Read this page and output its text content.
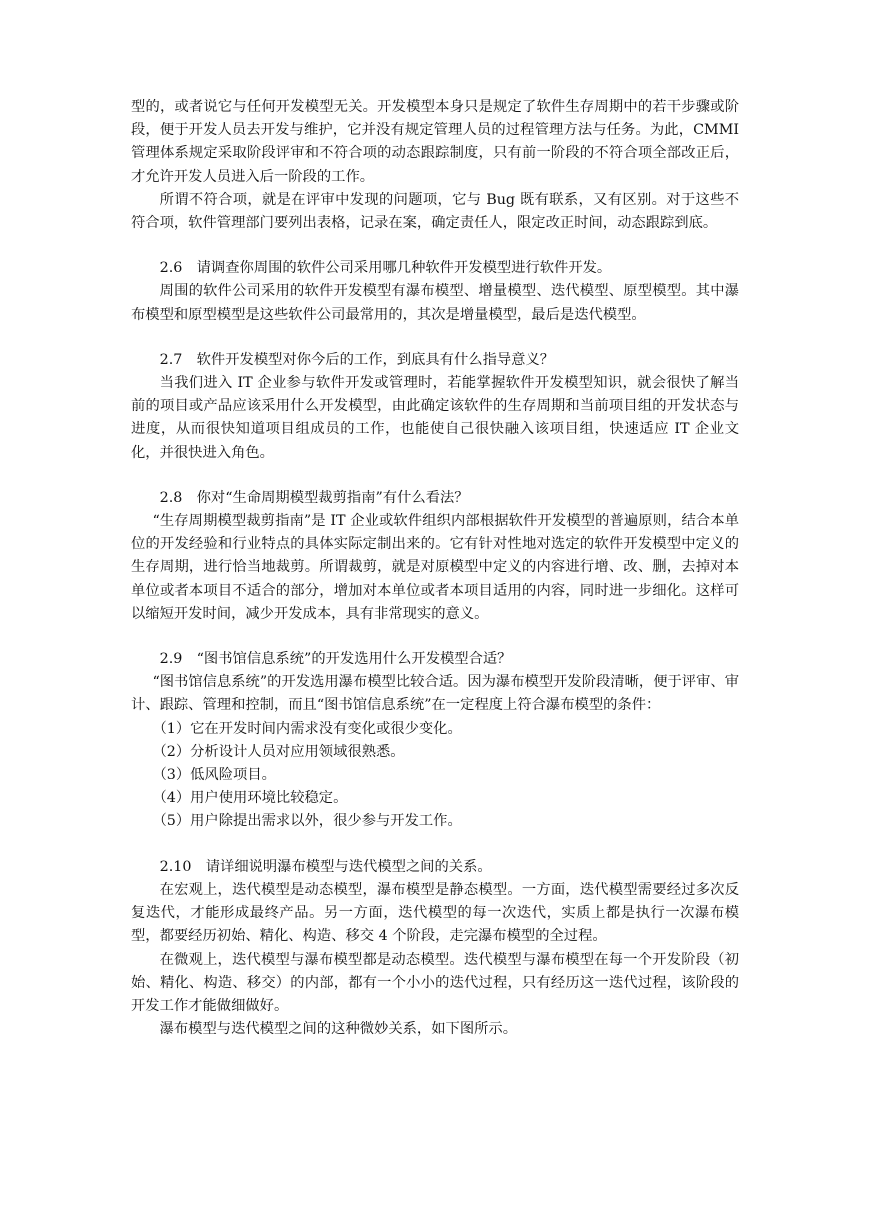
型的，或者说它与任何开发模型无关。开发模型本身只是规定了软件生存周期中的若干步骤或阶段，便于开发人员去开发与维护，它并没有规定管理人员的过程管理方法与任务。为此，CMMI 管理体系规定采取阶段评审和不符合项的动态跟踪制度，只有前一阶段的不符合项全部改正后，才允许开发人员进入后一阶段的工作。

所谓不符合项，就是在评审中发现的问题项，它与 Bug 既有联系，又有区别。对于这些不符合项，软件管理部门要列出表格，记录在案，确定责任人，限定改正时间，动态跟踪到底。

2.6　请调查你周围的软件公司采用哪几种软件开发模型进行软件开发。

周围的软件公司采用的软件开发模型有瀑布模型、增量模型、迭代模型、原型模型。其中瀑布模型和原型模型是这些软件公司最常用的，其次是增量模型，最后是迭代模型。

2.7　软件开发模型对你今后的工作，到底具有什么指导意义？

当我们进入 IT 企业参与软件开发或管理时，若能掌握软件开发模型知识，就会很快了解当前的项目或产品应该采用什么开发模型，由此确定该软件的生存周期和当前项目组的开发状态与进度，从而很快知道项目组成员的工作，也能使自己很快融入该项目组，快速适应 IT 企业文化，并很快进入角色。

2.8　你对“生命周期模型裁剪指南”有什么看法？

“生存周期模型裁剪指南”是 IT 企业或软件组织内部根据软件开发模型的普遍原则，结合本单位的开发经验和行业特点的具体实际定制出来的。它有针对性地对选定的软件开发模型中定义的生存周期，进行恰当地裁剪。所谓裁剪，就是对原模型中定义的内容进行增、改、删，去掉对本单位或者本项目不适合的部分，增加对本单位或者本项目适用的内容，同时进一步细化。这样可以缩短开发时间，减少开发成本，具有非常现实的意义。

2.9　“图书馆信息系统”的开发选用什么开发模型合适？

“图书馆信息系统”的开发选用瀑布模型比较合适。因为瀑布模型开发阶段清晰，便于评审、审计、跟踪、管理和控制，而且“图书馆信息系统”在一定程度上符合瀑布模型的条件：

（1）它在开发时间内需求没有变化或很少变化。

（2）分析设计人员对应用领域很熟悉。

（3）低风险项目。

（4）用户使用环境比较稳定。

（5）用户除提出需求以外，很少参与开发工作。

2.10　请详细说明瀑布模型与迭代模型之间的关系。

在宏观上，迭代模型是动态模型，瀑布模型是静态模型。一方面，迭代模型需要经过多次反复迭代，才能形成最终产品。另一方面，迭代模型的每一次迭代，实质上都是执行一次瀑布模型，都要经历初始、精化、构造、移交 4 个阶段，走完瀑布模型的全过程。

在微观上，迭代模型与瀑布模型都是动态模型。迭代模型与瀑布模型在每一个开发阶段（初始、精化、构造、移交）的内部，都有一个小小的迭代过程，只有经历这一迭代过程，该阶段的开发工作才能做细做好。

瀑布模型与迭代模型之间的这种微妙关系，如下图所示。
